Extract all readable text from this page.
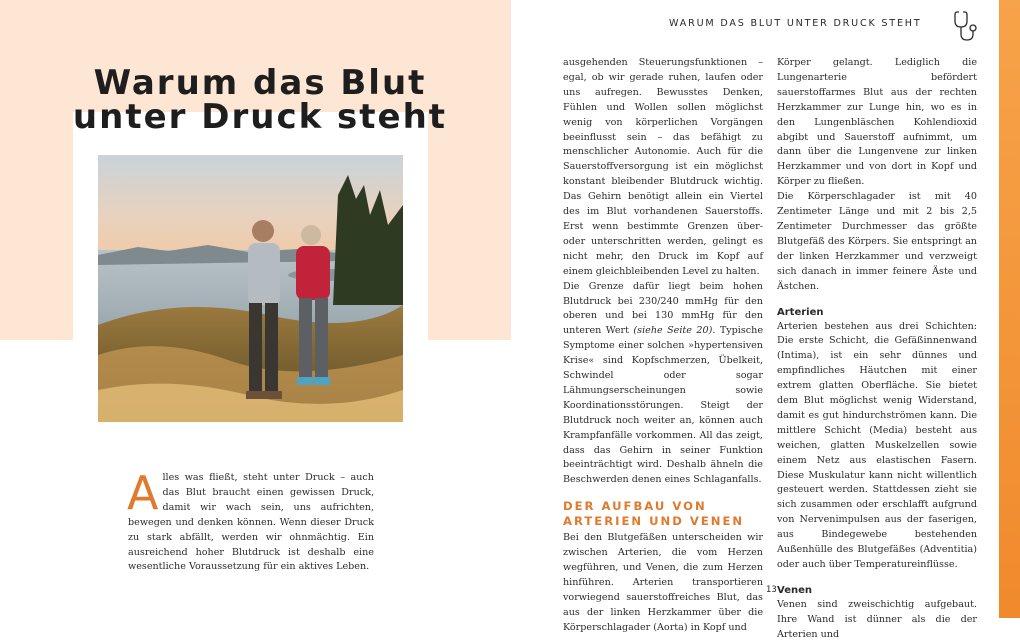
Warum das Blut
unter Druck steht
Alles was fließt, steht unter Druck – auch das Blut braucht einen gewissen Druck, damit wir wach sein, uns aufrichten, bewegen und denken können. Wenn dieser Druck zu stark abfällt, werden wir ohnmächtig. Ein ausreichend hoher Blutdruck ist deshalb eine wesentliche Voraussetzung für ein aktives Leben.
WARUM DAS BLUT UNTER DRUCK STEHT

ausgehenden Steuerungsfunktionen – egal, ob wir gerade ruhen, laufen oder uns aufregen. Bewusstes Denken, Fühlen und Wollen sollen möglichst wenig von körperlichen Vorgängen beeinflusst sein – das befähigt zu menschlicher Autonomie. Auch für die Sauerstoffversorgung ist ein möglichst konstant bleibender Blutdruck wichtig. Das Gehirn benötigt allein ein Viertel des im Blut vorhandenen Sauerstoffs. Erst wenn bestimmte Grenzen über- oder unterschritten werden, gelingt es nicht mehr, den Druck im Kopf auf einem gleichbleibenden Level zu halten.

Die Grenze dafür liegt beim hohen Blutdruck bei 230/240 mmHg für den oberen und bei 130 mmHg für den unteren Wert (siehe Seite 20). Typische Symptome einer solchen »hypertensiven Krise« sind Kopfschmerzen, Übelkeit, Schwindel oder sogar Lähmungserscheinungen sowie Koordinationsstörungen. Steigt der Blutdruck noch weiter an, können auch Krampfanfälle vorkommen. All das zeigt, dass das Gehirn in seiner Funktion beeinträchtigt wird. Deshalb ähneln die Beschwerden denen eines Schlaganfalls.

DER AUFBAU VON ARTERIEN UND VENEN

Bei den Blutgefäßen unterscheiden wir zwischen Arterien, die vom Herzen wegführen, und Venen, die zum Herzen hinführen. Arterien transportieren vorwiegend sauerstoffreiches Blut, das aus der linken Herzkammer über die Körperschlagader (Aorta) in Kopf und

Körper gelangt. Lediglich die Lungenarterie befördert sauerstoffarmes Blut aus der rechten Herzkammer zur Lunge hin, wo es in den Lungenbläschen Kohlendioxid abgibt und Sauerstoff aufnimmt, um dann über die Lungenvene zur linken Herzkammer und von dort in Kopf und Körper zu fließen.

Die Körperschlagader ist mit 40 Zentimeter Länge und mit 2 bis 2,5 Zentimeter Durchmesser das größte Blutgefäß des Körpers. Sie entspringt an der linken Herzkammer und verzweigt sich danach in immer feinere Äste und Ästchen.

Arterien

Arterien bestehen aus drei Schichten: Die erste Schicht, die Gefäßinnenwand (Intima), ist ein sehr dünnes und empfindliches Häutchen mit einer extrem glatten Oberfläche. Sie bietet dem Blut möglichst wenig Widerstand, damit es gut hindurchströmen kann. Die mittlere Schicht (Media) besteht aus weichen, glatten Muskelzellen sowie einem Netz aus elastischen Fasern. Diese Muskulatur kann nicht willentlich gesteuert werden. Stattdessen zieht sie sich zusammen oder erschlafft aufgrund von Nervenimpulsen aus der faserigen, aus Bindegewebe bestehenden Außenhülle des Blutgefäßes (Adventitia) oder auch über Temperatureinflüsse.

Venen

Venen sind zweischichtig aufgebaut. Ihre Wand ist dünner als die der Arterien und

13
